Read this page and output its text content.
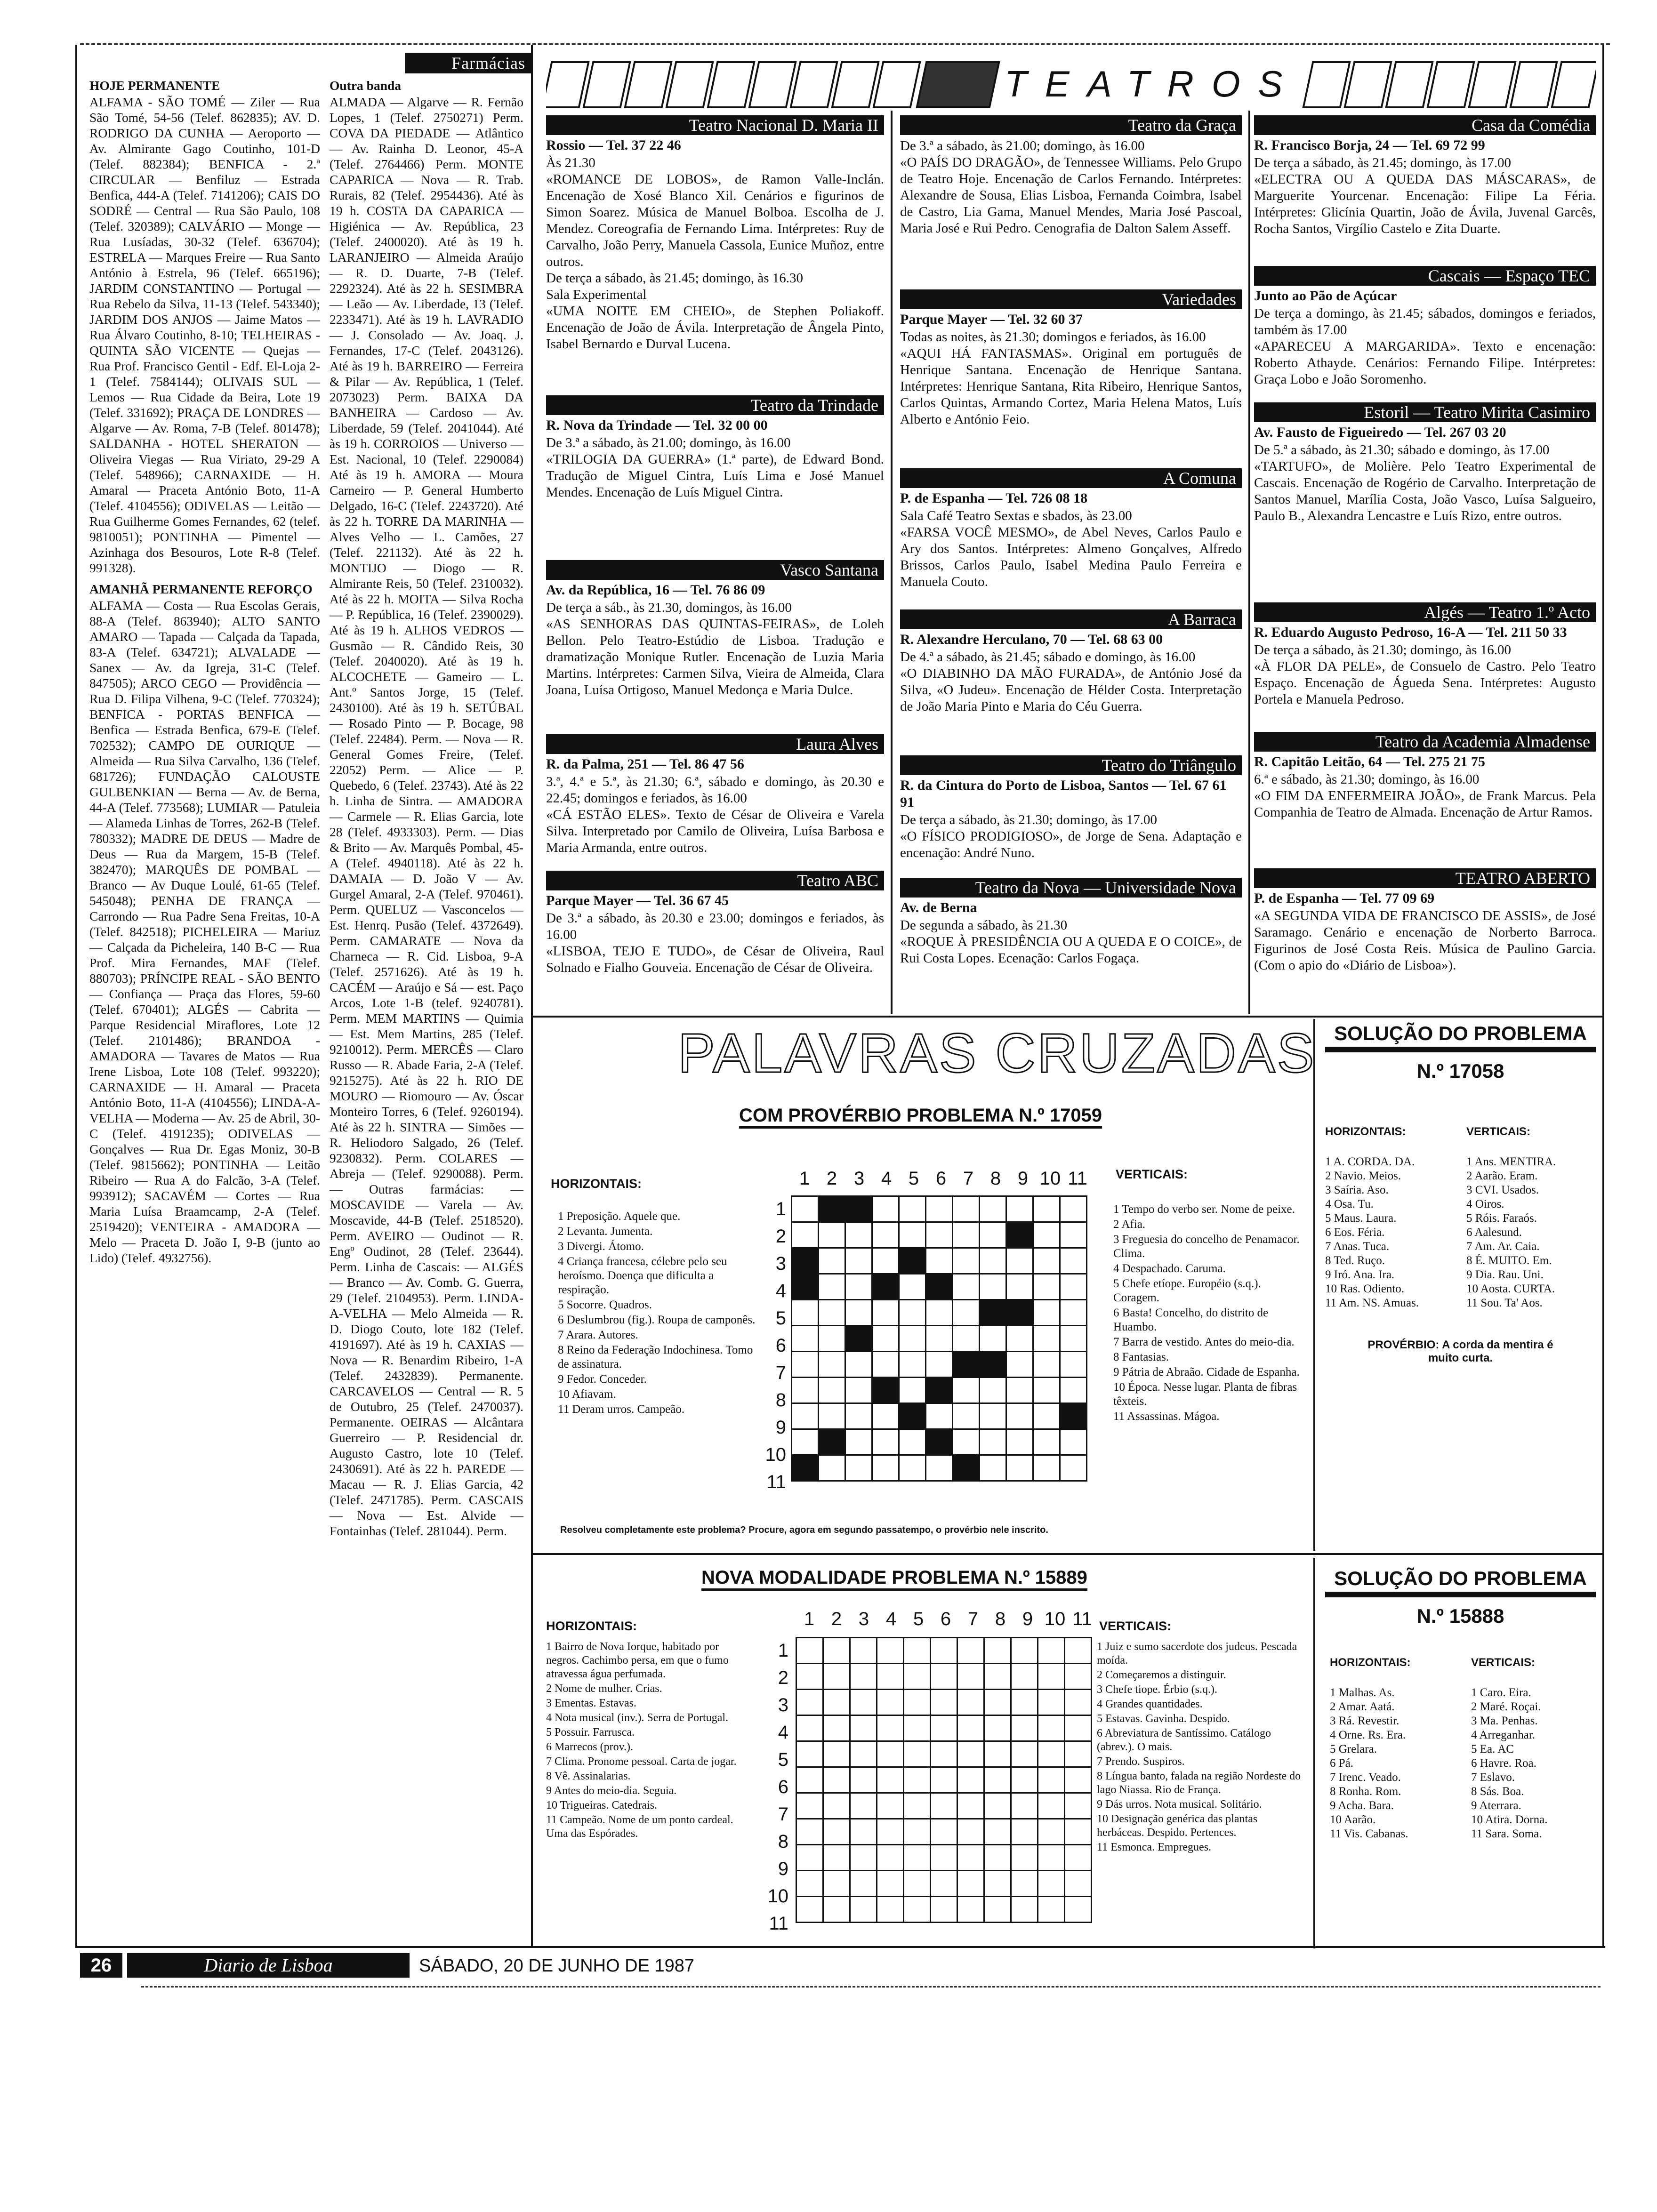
Farmácias

HOJE PERMANENTE

ALFAMA - SÃO TOMÉ — Ziler — Rua São Tomé, 54-56 (Telef. 862835); AV. D. RODRIGO DA CUNHA — Aeroporto — Av. Almirante Gago Coutinho, 101-D (Telef. 882384); BENFICA - 2.ª CIRCULAR — Benfiluz — Estrada Benfica, 444-A (Telef. 7141206); CAIS DO SODRÉ — Central — Rua São Paulo, 108 (Telef. 320389); CALVÁRIO — Monge — Rua Lusíadas, 30-32 (Telef. 636704); ESTRELA — Marques Freire — Rua Santo António à Estrela, 96 (Telef. 665196); JARDIM CONSTANTINO — Portugal — Rua Rebelo da Silva, 11-13 (Telef. 543340); JARDIM DOS ANJOS — Jaime Matos — Rua Álvaro Coutinho, 8-10; TELHEIRAS - QUINTA SÃO VICENTE — Quejas — Rua Prof. Francisco Gentil - Edf. El-Loja 2-1 (Telef. 7584144); OLIVAIS SUL — Lemos — Rua Cidade da Beira, Lote 19 (Telef. 331692); PRAÇA DE LONDRES — Algarve — Av. Roma, 7-B (Telef. 801478); SALDANHA - HOTEL SHERATON — Oliveira Viegas — Rua Viriato, 29-29 A (Telef. 548966); CARNAXIDE — H. Amaral — Praceta António Boto, 11-A (Telef. 4104556); ODIVELAS — Leitão — Rua Guilherme Gomes Fernandes, 62 (telef. 9810051); PONTINHA — Pimentel — Azinhaga dos Besouros, Lote R-8 (Telef. 991328).

AMANHÃ PERMANENTE REFORÇO

ALFAMA — Costa — Rua Escolas Gerais, 88-A (Telef. 863940); ALTO SANTO AMARO — Tapada — Calçada da Tapada, 83-A (Telef. 634721); ALVALADE — Sanex — Av. da Igreja, 31-C (Telef. 847505); ARCO CEGO — Providência — Rua D. Filipa Vilhena, 9-C (Telef. 770324); BENFICA - PORTAS BENFICA — Benfica — Estrada Benfica, 679-E (Telef. 702532); CAMPO DE OURIQUE — Almeida — Rua Silva Carvalho, 136 (Telef. 681726); FUNDAÇÃO CALOUSTE GULBENKIAN — Berna — Av. de Berna, 44-A (Telef. 773568); LUMIAR — Patuleia — Alameda Linhas de Torres, 262-B (Telef. 780332); MADRE DE DEUS — Madre de Deus — Rua da Margem, 15-B (Telef. 382470); MARQUÊS DE POMBAL — Branco — Av Duque Loulé, 61-65 (Telef. 545048); PENHA DE FRANÇA — Carrondo — Rua Padre Sena Freitas, 10-A (Telef. 842518); PICHELEIRA — Mariuz — Calçada da Picheleira, 140 B-C — Rua Prof. Mira Fernandes, MAF (Telef. 880703); PRÍNCIPE REAL - SÃO BENTO — Confiança — Praça das Flores, 59-60 (Telef. 670401); ALGÉS — Cabrita — Parque Residencial Miraflores, Lote 12 (Telef. 2101486); BRANDOA - AMADORA — Tavares de Matos — Rua Irene Lisboa, Lote 108 (Telef. 993220); CARNAXIDE — H. Amaral — Praceta António Boto, 11-A (4104556); LINDA-A-VELHA — Moderna — Av. 25 de Abril, 30-C (Telef. 4191235); ODIVELAS — Gonçalves — Rua Dr. Egas Moniz, 30-B (Telef. 9815662); PONTINHA — Leitão Ribeiro — Rua A do Falcão, 3-A (Telef. 993912); SACAVÉM — Cortes — Rua Maria Luísa Braamcamp, 2-A (Telef. 2519420); VENTEIRA - AMADORA — Melo — Praceta D. João I, 9-B (junto ao Lido) (Telef. 4932756).

Outra banda

ALMADA — Algarve — R. Fernão Lopes, 1 (Telef. 2750271) Perm. COVA DA PIEDADE — Atlântico — Av. Rainha D. Leonor, 45-A (Telef. 2764466) Perm. MONTE CAPARICA — Nova — R. Trab. Rurais, 82 (Telef. 2954436). Até às 19 h. COSTA DA CAPARICA — Higiénica — Av. República, 23 (Telef. 2400020). Até às 19 h. LARANJEIRO — Almeida Araújo — R. D. Duarte, 7-B (Telef. 2292324). Até às 22 h. SESIMBRA — Leão — Av. Liberdade, 13 (Telef. 2233471). Até às 19 h. LAVRADIO — J. Consolado — Av. Joaq. J. Fernandes, 17-C (Telef. 2043126). Até às 19 h. BARREIRO — Ferreira & Pilar — Av. República, 1 (Telef. 2073023) Perm. BAIXA DA BANHEIRA — Cardoso — Av. Liberdade, 59 (Telef. 2041044). Até às 19 h. CORROIOS — Universo — Est. Nacional, 10 (Telef. 2290084) Até às 19 h. AMORA — Moura Carneiro — P. General Humberto Delgado, 16-C (Telef. 2243720). Até às 22 h. TORRE DA MARINHA — Alves Velho — L. Camões, 27 (Telef. 221132). Até às 22 h. MONTIJO — Diogo — R. Almirante Reis, 50 (Telef. 2310032). Até às 22 h. MOITA — Silva Rocha — P. República, 16 (Telef. 2390029). Até às 19 h. ALHOS VEDROS — Gusmão — R. Cândido Reis, 30 (Telef. 2040020). Até às 19 h. ALCOCHETE — Gameiro — L. Ant.º Santos Jorge, 15 (Telef. 2430100). Até às 19 h. SETÚBAL — Rosado Pinto — P. Bocage, 98 (Telef. 22484). Perm. — Nova — R. General Gomes Freire, (Telef. 22052) Perm. — Alice — P. Quebedo, 6 (Telef. 23743). Até às 22 h. Linha de Sintra. — AMADORA — Carmele — R. Elias Garcia, lote 28 (Telef. 4933303). Perm. — Dias & Brito — Av. Marquês Pombal, 45-A (Telef. 4940118). Até às 22 h. DAMAIA — D. João V — Av. Gurgel Amaral, 2-A (Telef. 970461). Perm. QUELUZ — Vasconcelos — Est. Henrq. Pusão (Telef. 4372649). Perm. CAMARATE — Nova da Charneca — R. Cid. Lisboa, 9-A (Telef. 2571626). Até às 19 h. CACÉM — Araújo e Sá — est. Paço Arcos, Lote 1-B (telef. 9240781). Perm. MEM MARTINS — Quimia — Est. Mem Martins, 285 (Telef. 9210012). Perm. MERCÊS — Claro Russo — R. Abade Faria, 2-A (Telef. 9215275). Até às 22 h. RIO DE MOURO — Riomouro — Av. Óscar Monteiro Torres, 6 (Telef. 9260194). Até às 22 h. SINTRA — Simões — R. Heliodoro Salgado, 26 (Telef. 9230832). Perm. COLARES — Abreja — (Telef. 9290088). Perm. — Outras farmácias: — MOSCAVIDE — Varela — Av. Moscavide, 44-B (Telef. 2518520). Perm. AVEIRO — Oudinot — R. Engº Oudinot, 28 (Telef. 23644). Perm. Linha de Cascais: — ALGÉS — Branco — Av. Comb. G. Guerra, 29 (Telef. 2104953). Perm. LINDA-A-VELHA — Melo Almeida — R. D. Diogo Couto, lote 182 (Telef. 4191697). Até às 19 h. CAXIAS — Nova — R. Benardim Ribeiro, 1-A (Telef. 2432839). Permanente. CARCAVELOS — Central — R. 5 de Outubro, 25 (Telef. 2470037). Permanente. OEIRAS — Alcântara Guerreiro — P. Residencial dr. Augusto Castro, lote 10 (Telef. 2430691). Até às 22 h. PAREDE — Macau — R. J. Elias Garcia, 42 (Telef. 2471785). Perm. CASCAIS — Nova — Est. Alvide — Fontainhas (Telef. 281044). Perm.

TEATROS
Teatro Nacional D. Maria II
Rossio — Tel. 37 22 46
Às 21.30
«ROMANCE DE LOBOS», de Ramon Valle-Inclán. Encenação de Xosé Blanco Xil. Cenários e figurinos de Simon Soarez. Música de Manuel Bolboa. Escolha de J. Mendez. Coreografia de Fernando Lima. Intérpretes: Ruy de Carvalho, João Perry, Manuela Cassola, Eunice Muñoz, entre outros.
De terça a sábado, às 21.45; domingo, às 16.30
Sala Experimental
«UMA NOITE EM CHEIO», de Stephen Poliakoff. Encenação de João de Ávila. Interpretação de Ângela Pinto, Isabel Bernardo e Durval Lucena.
Teatro da Trindade
R. Nova da Trindade — Tel. 32 00 00
De 3.ª a sábado, às 21.00; domingo, às 16.00
«TRILOGIA DA GUERRA» (1.ª parte), de Edward Bond. Tradução de Miguel Cintra, Luís Lima e José Manuel Mendes. Encenação de Luís Miguel Cintra.
Vasco Santana
Av. da República, 16 — Tel. 76 86 09
De terça a sáb., às 21.30, domingos, às 16.00
«AS SENHORAS DAS QUINTAS-FEIRAS», de Loleh Bellon. Pelo Teatro-Estúdio de Lisboa. Tradução e dramatização Monique Rutler. Encenação de Luzia Maria Martins. Intérpretes: Carmen Silva, Vieira de Almeida, Clara Joana, Luísa Ortigoso, Manuel Medonça e Maria Dulce.
Laura Alves
R. da Palma, 251 — Tel. 86 47 56
3.ª, 4.ª e 5.ª, às 21.30; 6.ª, sábado e domingo, às 20.30 e 22.45; domingos e feriados, às 16.00
«CÁ ESTÃO ELES». Texto de César de Oliveira e Varela Silva. Interpretado por Camilo de Oliveira, Luísa Barbosa e Maria Armanda, entre outros.
Teatro ABC
Parque Mayer — Tel. 36 67 45
De 3.ª a sábado, às 20.30 e 23.00; domingos e feriados, às 16.00
«LISBOA, TEJO E TUDO», de César de Oliveira, Raul Solnado e Fialho Gouveia. Encenação de César de Oliveira.
Teatro da Graça
De 3.ª a sábado, às 21.00; domingo, às 16.00
«O PAÍS DO DRAGÃO», de Tennessee Williams. Pelo Grupo de Teatro Hoje. Encenação de Carlos Fernando. Intérpretes: Alexandre de Sousa, Elias Lisboa, Fernanda Coimbra, Isabel de Castro, Lia Gama, Manuel Mendes, Maria José Pascoal, Maria José e Rui Pedro. Cenografia de Dalton Salem Asseff.
Variedades
Parque Mayer — Tel. 32 60 37
Todas as noites, às 21.30; domingos e feriados, às 16.00
«AQUI HÁ FANTASMAS». Original em português de Henrique Santana. Encenação de Henrique Santana. Intérpretes: Henrique Santana, Rita Ribeiro, Henrique Santos, Carlos Quintas, Armando Cortez, Maria Helena Matos, Luís Alberto e António Feio.
A Comuna
P. de Espanha — Tel. 726 08 18
Sala Café Teatro Sextas e sbados, às 23.00
«FARSA VOCÊ MESMO», de Abel Neves, Carlos Paulo e Ary dos Santos. Intérpretes: Almeno Gonçalves, Alfredo Brissos, Carlos Paulo, Isabel Medina Paulo Ferreira e Manuela Couto.
A Barraca
R. Alexandre Herculano, 70 — Tel. 68 63 00
De 4.ª a sábado, às 21.45; sábado e domingo, às 16.00
«O DIABINHO DA MÃO FURADA», de António José da Silva, «O Judeu». Encenação de Hélder Costa. Interpretação de João Maria Pinto e Maria do Céu Guerra.
Teatro do Triângulo
R. da Cintura do Porto de Lisboa, Santos — Tel. 67 61 91
De terça a sábado, às 21.30; domingo, às 17.00
«O FÍSICO PRODIGIOSO», de Jorge de Sena. Adaptação e encenação: André Nuno.
Teatro da Nova — Universidade Nova
Av. de Berna
De segunda a sábado, às 21.30
«ROQUE À PRESIDÊNCIA OU A QUEDA E O COICE», de Rui Costa Lopes. Ecenação: Carlos Fogaça.
Casa da Comédia
R. Francisco Borja, 24 — Tel. 69 72 99
De terça a sábado, às 21.45; domingo, às 17.00
«ELECTRA OU A QUEDA DAS MÁSCARAS», de Marguerite Yourcenar. Encenação: Filipe La Féria. Intérpretes: Glicínia Quartin, João de Ávila, Juvenal Garcês, Rocha Santos, Virgílio Castelo e Zita Duarte.
Cascais — Espaço TEC
Junto ao Pão de Açúcar
De terça a domingo, às 21.45; sábados, domingos e feriados, também às 17.00
«APARECEU A MARGARIDA». Texto e encenação: Roberto Athayde. Cenários: Fernando Filipe. Intérpretes: Graça Lobo e João Soromenho.
Estoril — Teatro Mirita Casimiro
Av. Fausto de Figueiredo — Tel. 267 03 20
De 5.ª a sábado, às 21.30; sábado e domingo, às 17.00
«TARTUFO», de Molière. Pelo Teatro Experimental de Cascais. Encenação de Rogério de Carvalho. Interpretação de Santos Manuel, Marília Costa, João Vasco, Luísa Salgueiro, Paulo B., Alexandra Lencastre e Luís Rizo, entre outros.
Algés — Teatro 1.º Acto
R. Eduardo Augusto Pedroso, 16-A — Tel. 211 50 33
De terça a sábado, às 21.30; domingo, às 16.00
«À FLOR DA PELE», de Consuelo de Castro. Pelo Teatro Espaço. Encenação de Águeda Sena. Intérpretes: Augusto Portela e Manuela Pedroso.
Teatro da Academia Almadense
R. Capitão Leitão, 64 — Tel. 275 21 75
6.ª e sábado, às 21.30; domingo, às 16.00
«O FIM DA ENFERMEIRA JOÃO», de Frank Marcus. Pela Companhia de Teatro de Almada. Encenação de Artur Ramos.
TEATRO ABERTO
P. de Espanha — Tel. 77 09 69
«A SEGUNDA VIDA DE FRANCISCO DE ASSIS», de José Saramago. Cenário e encenação de Norberto Barroca. Figurinos de José Costa Reis. Música de Paulino Garcia. (Com o apio do «Diário de Lisboa»).
PALAVRAS CRUZADAS
COM PROVÉRBIO PROBLEMA N.º 17059
HORIZONTAIS:
1 Preposição. Aquele que.
2 Levanta. Jumenta.
3 Divergi. Átomo.
4 Criança francesa, célebre pelo seu heroísmo. Doença que dificulta a respiração.
5 Socorre. Quadros.
6 Deslumbrou (fig.). Roupa de camponês.
7 Arara. Autores.
8 Reino da Federação Indochinesa. Tomo de assinatura.
9 Fedor. Conceder.
10 Afiavam.
11 Deram urros. Campeão.
1 2 3 4 5 6 7 8 9 10 11
1
2
3
4
5
6
7
8
9
10
11

VERTICAIS:
1 Tempo do verbo ser. Nome de peixe.
2 Afia.
3 Freguesia do concelho de Penamacor. Clima.
4 Despachado. Caruma.
5 Chefe etíope. Européio (s.q.). Coragem.
6 Basta! Concelho, do distrito de Huambo.
7 Barra de vestido. Antes do meio-dia.
8 Fantasias.
9 Pátria de Abraão. Cidade de Espanha.
10 Época. Nesse lugar. Planta de fibras têxteis.
11 Assassinas. Mágoa.
Resolveu completamente este problema? Procure, agora em segundo passatempo, o provérbio nele inscrito.
SOLUÇÃO DO PROBLEMA
N.º 17058
HORIZONTAIS:
1 A. CORDA. DA.
2 Navio. Meios.
3 Saíria. Aso.
4 Osa. Tu.
5 Maus. Laura.
6 Eos. Féria.
7 Anas. Tuca.
8 Ted. Ruço.
9 Iró. Ana. Ira.
10 Ras. Odiento.
11 Am. NS. Amuas.
VERTICAIS:
1 Ans. MENTIRA.
2 Aarão. Eram.
3 CVI. Usados.
4 Oiros.
5 Róis. Faraós.
6 Aalesund.
7 Am. Ar. Caia.
8 É. MUITO. Em.
9 Dia. Rau. Uni.
10 Aosta. CURTA.
11 Sou. Ta' Aos.
PROVÉRBIO: A corda da mentira é muito curta.
NOVA MODALIDADE PROBLEMA N.º 15889
HORIZONTAIS:
1 Bairro de Nova Iorque, habitado por negros. Cachimbo persa, em que o fumo atravessa água perfumada.
2 Nome de mulher. Crias.
3 Ementas. Estavas.
4 Nota musical (inv.). Serra de Portugal.
5 Possuir. Farrusca.
6 Marrecos (prov.).
7 Clima. Pronome pessoal. Carta de jogar.
8 Vê. Assinalarias.
9 Antes do meio-dia. Seguia.
10 Trigueiras. Catedrais.
11 Campeão. Nome de um ponto cardeal. Uma das Espórades.
1 2 3 4 5 6 7 8 9 10 11
1
2
3
4
5
6
7
8
9
10
11

VERTICAIS:
1 Juiz e sumo sacerdote dos judeus. Pescada moída.
2 Começaremos a distinguir.
3 Chefe tiope. Érbio (s.q.).
4 Grandes quantidades.
5 Estavas. Gavinha. Despido.
6 Abreviatura de Santíssimo. Catálogo (abrev.). O mais.
7 Prendo. Suspiros.
8 Língua banto, falada na região Nordeste do lago Niassa. Rio de França.
9 Dás urros. Nota musical. Solitário.
10 Designação genérica das plantas herbáceas. Despido. Pertences.
11 Esmonca. Empregues.
SOLUÇÃO DO PROBLEMA
N.º 15888
HORIZONTAIS:
1 Malhas. As.
2 Amar. Aatá.
3 Rá. Revestir.
4 Orne. Rs. Era.
5 Grelara.
6 Pá.
7 Irenc. Veado.
8 Ronha. Rom.
9 Acha. Bara.
10 Aarão.
11 Vis. Cabanas.
VERTICAIS:
1 Caro. Eira.
2 Maré. Roçai.
3 Ma. Penhas.
4 Arreganhar.
5 Ea. AC
6 Havre. Roa.
7 Eslavo.
8 Sás. Boa.
9 Aterrara.
10 Atira. Dorna.
11 Sara. Soma.
26	Diario de Lisboa	SÁBADO, 20 DE JUNHO DE 1987
